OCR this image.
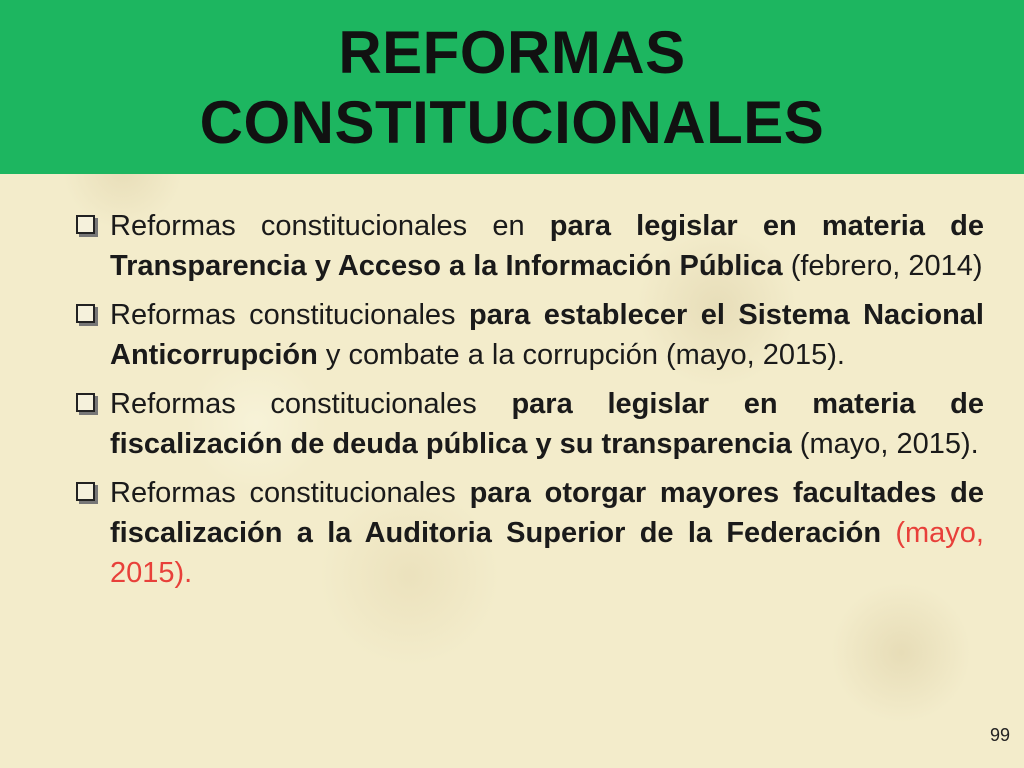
REFORMAS
CONSTITUCIONALES
Reformas constitucionales en para legislar en materia de Transparencia y Acceso a la Información Pública (febrero, 2014)
Reformas constitucionales para establecer el Sistema Nacional Anticorrupción y combate a la corrupción (mayo, 2015).
Reformas constitucionales para legislar en materia de fiscalización de deuda pública y su transparencia (mayo, 2015).
Reformas constitucionales para otorgar mayores facultades de fiscalización a la Auditoria Superior de la Federación (mayo, 2015).
99
